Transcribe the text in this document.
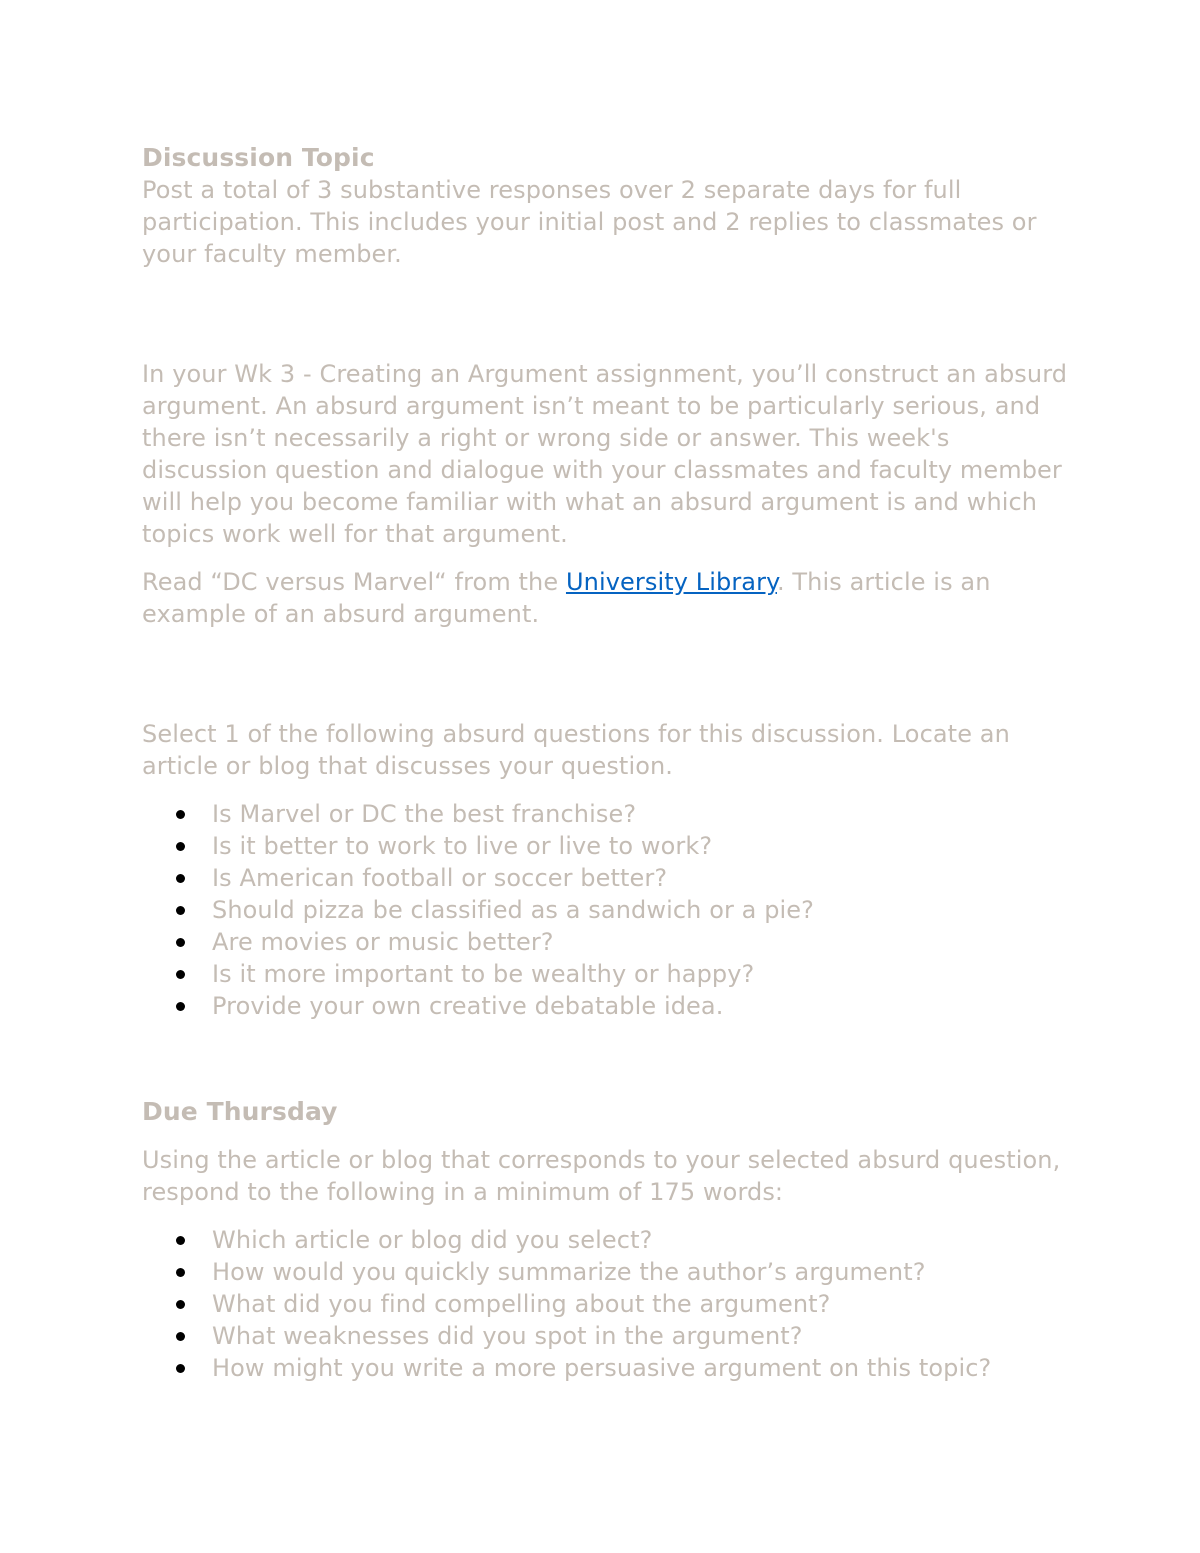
Discussion Topic

Post a total of 3 substantive responses over 2 separate days for full participation. This includes your initial post and 2 replies to classmates or your faculty member.

In your Wk 3 - Creating an Argument assignment, you’ll construct an absurd argument. An absurd argument isn’t meant to be particularly serious, and there isn’t necessarily a right or wrong side or answer. This week's discussion question and dialogue with your classmates and faculty member will help you become familiar with what an absurd argument is and which topics work well for that argument.

Read “DC versus Marvel“ from the University Library. This article is an example of an absurd argument.

Select 1 of the following absurd questions for this discussion. Locate an article or blog that discusses your question.

Is Marvel or DC the best franchise?
Is it better to work to live or live to work?
Is American football or soccer better?
Should pizza be classified as a sandwich or a pie?
Are movies or music better?
Is it more important to be wealthy or happy?
Provide your own creative debatable idea.

Due Thursday

Using the article or blog that corresponds to your selected absurd question, respond to the following in a minimum of 175 words:

Which article or blog did you select?
How would you quickly summarize the author’s argument?
What did you find compelling about the argument?
What weaknesses did you spot in the argument?
How might you write a more persuasive argument on this topic?
